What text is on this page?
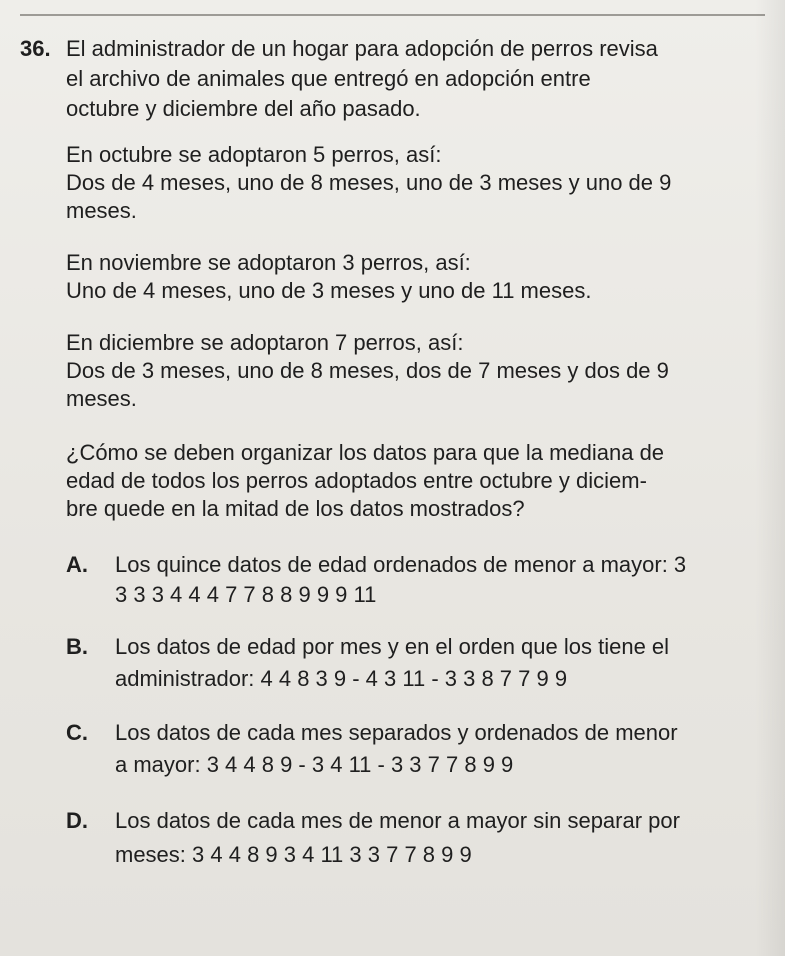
36. El administrador de un hogar para adopción de perros revisa
el archivo de animales que entregó en adopción entre
octubre y diciembre del año pasado.
En octubre se adoptaron 5 perros, así:
Dos de 4 meses, uno de 8 meses, uno de 3 meses y uno de 9
meses.
En noviembre se adoptaron 3 perros, así:
Uno de 4 meses, uno de 3 meses y uno de 11 meses.
En diciembre se adoptaron 7 perros, así:
Dos de 3 meses, uno de 8 meses, dos de 7 meses y dos de 9
meses.
¿Cómo se deben organizar los datos para que la mediana de
edad de todos los perros adoptados entre octubre y diciem-
bre quede en la mitad de los datos mostrados?
A. Los quince datos de edad ordenados de menor a mayor: 3
3 3 3 4 4 4 7 7 8 8 9 9 9 11
B. Los datos de edad por mes y en el orden que los tiene el
administrador: 4 4 8 3 9 - 4 3 11 - 3 3 8 7 7 9 9
C. Los datos de cada mes separados y ordenados de menor
a mayor: 3 4 4 8 9 - 3 4 11 - 3 3 7 7 8 9 9
D. Los datos de cada mes de menor a mayor sin separar por
meses: 3 4 4 8 9 3 4 11 3 3 7 7 8 9 9
